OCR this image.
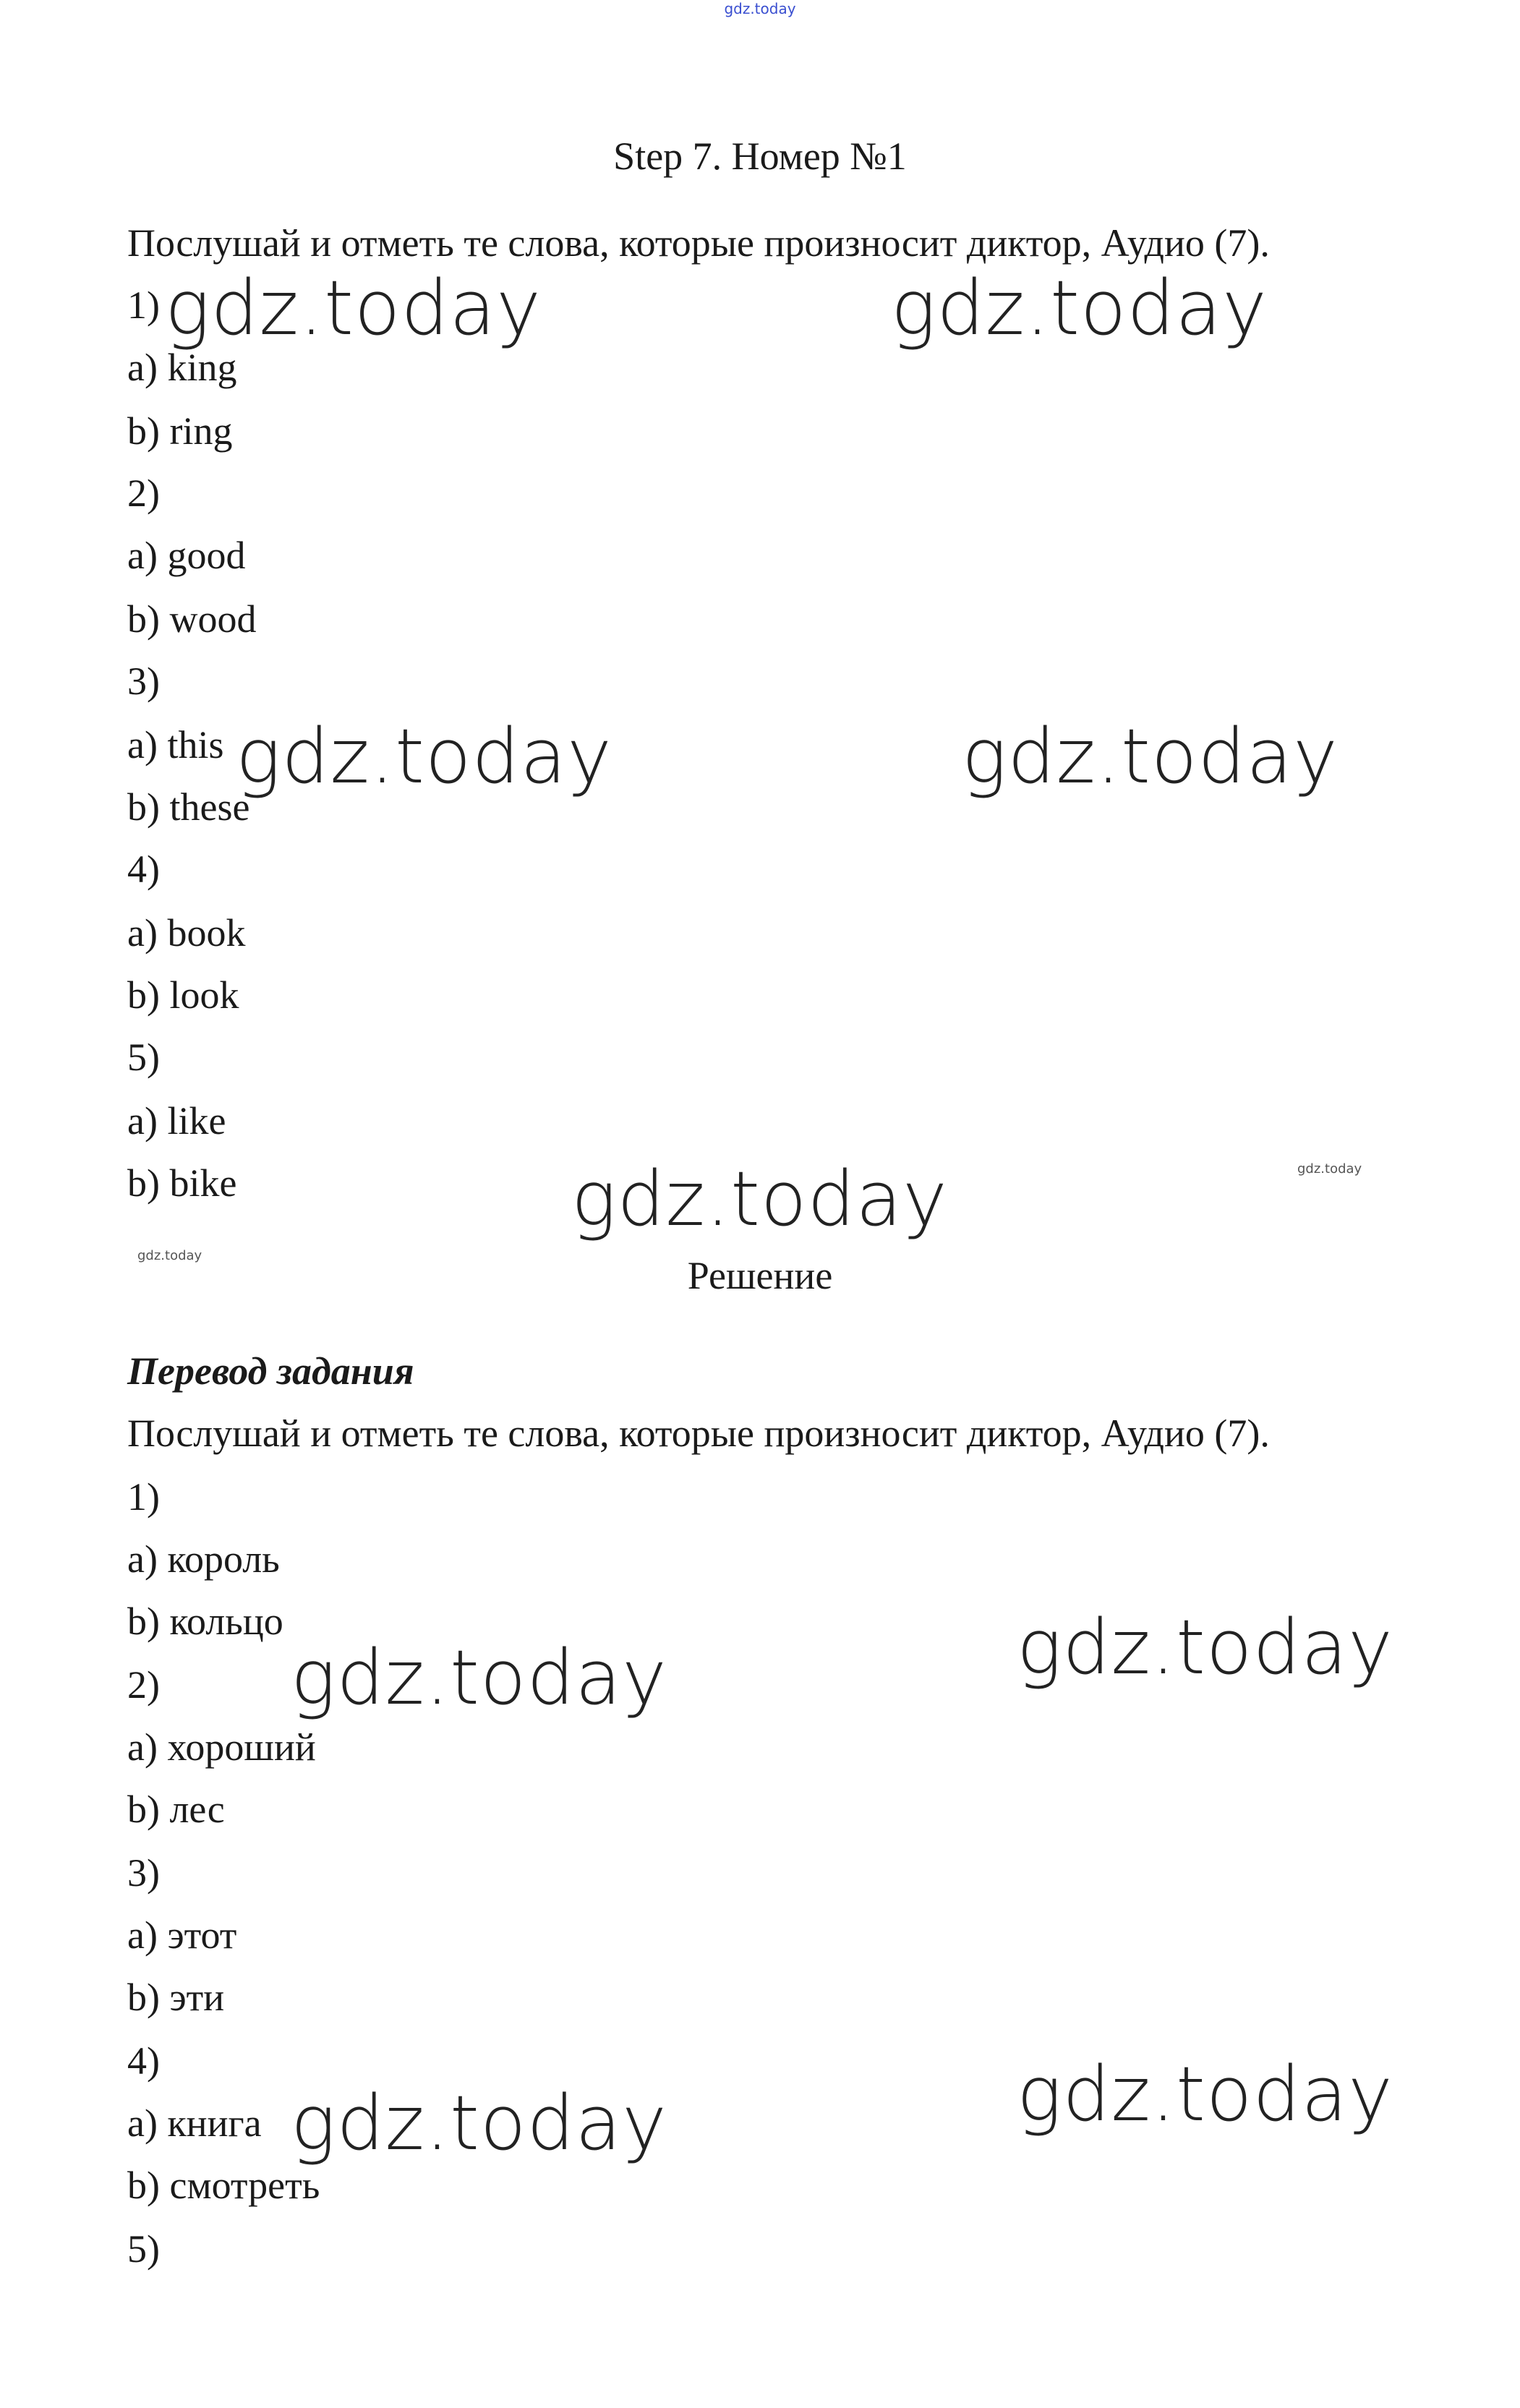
gdz.today
Step 7. Номер №1
Послушай и отметь те слова, которые произносит диктор, Аудио (7).
1)
a) king
b) ring
2)
a) good
b) wood
3)
a) this
b) these
4)
a) book
b) look
5)
a) like
b) bike
Решение
Перевод задания
Послушай и отметь те слова, которые произносит диктор, Аудио (7).
1)
a) король
b) кольцо
2)
a) хороший
b) лес
3)
a) этот
b) эти
4)
a) книга
b) смотреть
5)
gdz.today	gdz.today
gdz.today	gdz.today
gdz.today
gdz.today	gdz.today
gdz.today	gdz.today
gdz.today
gdz.today
